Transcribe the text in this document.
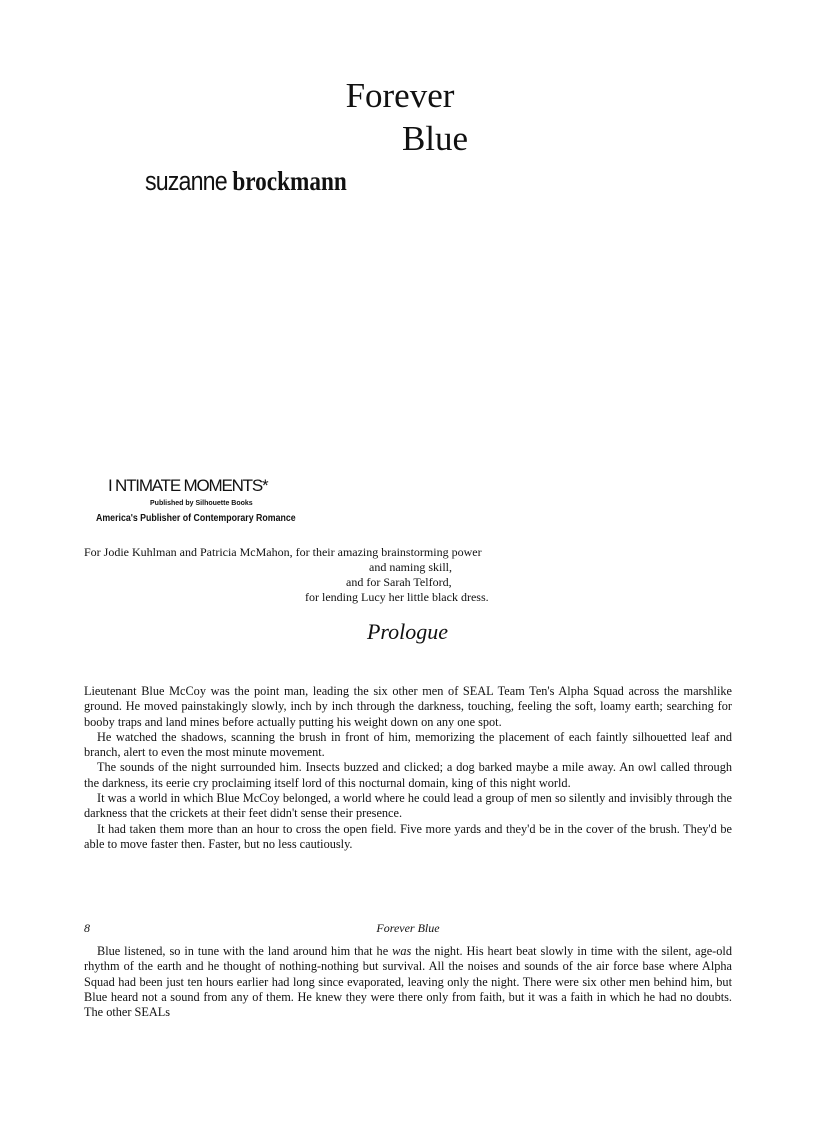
Forever
Blue
suzanne brockmann
I NTIMATE MOMENTS*
Published by Silhouette Books
America's Publisher of Contemporary Romance
For Jodie Kuhlman and Patricia McMahon, for their amazing brainstorming power
and naming skill,
and for Sarah Telford,
for lending Lucy her little black dress.
Prologue

Lieutenant Blue McCoy was the point man, leading the six other men of SEAL Team Ten's Alpha Squad across the marshlike ground. He moved painstakingly slowly, inch by inch through the darkness, touching, feeling the soft, loamy earth; searching for booby traps and land mines before actually putting his weight down on any one spot.

He watched the shadows, scanning the brush in front of him, memorizing the placement of each faintly silhouetted leaf and branch, alert to even the most minute movement.

The sounds of the night surrounded him. Insects buzzed and clicked; a dog barked maybe a mile away. An owl called through the darkness, its eerie cry proclaiming itself lord of this nocturnal domain, king of this night world.

It was a world in which Blue McCoy belonged, a world where he could lead a group of men so silently and invisibly through the darkness that the crickets at their feet didn't sense their presence.

It had taken them more than an hour to cross the open field. Five more yards and they'd be in the cover of the brush. They'd be able to move faster then. Faster, but no less cautiously.

8	Forever Blue

Blue listened, so in tune with the land around him that he was the night. His heart beat slowly in time with the silent, age-old rhythm of the earth and he thought of nothing-nothing but survival. All the noises and sounds of the air force base where Alpha Squad had been just ten hours earlier had long since evaporated, leaving only the night. There were six other men behind him, but Blue heard not a sound from any of them. He knew they were there only from faith, but it was a faith in which he had no doubts. The other SEALs
